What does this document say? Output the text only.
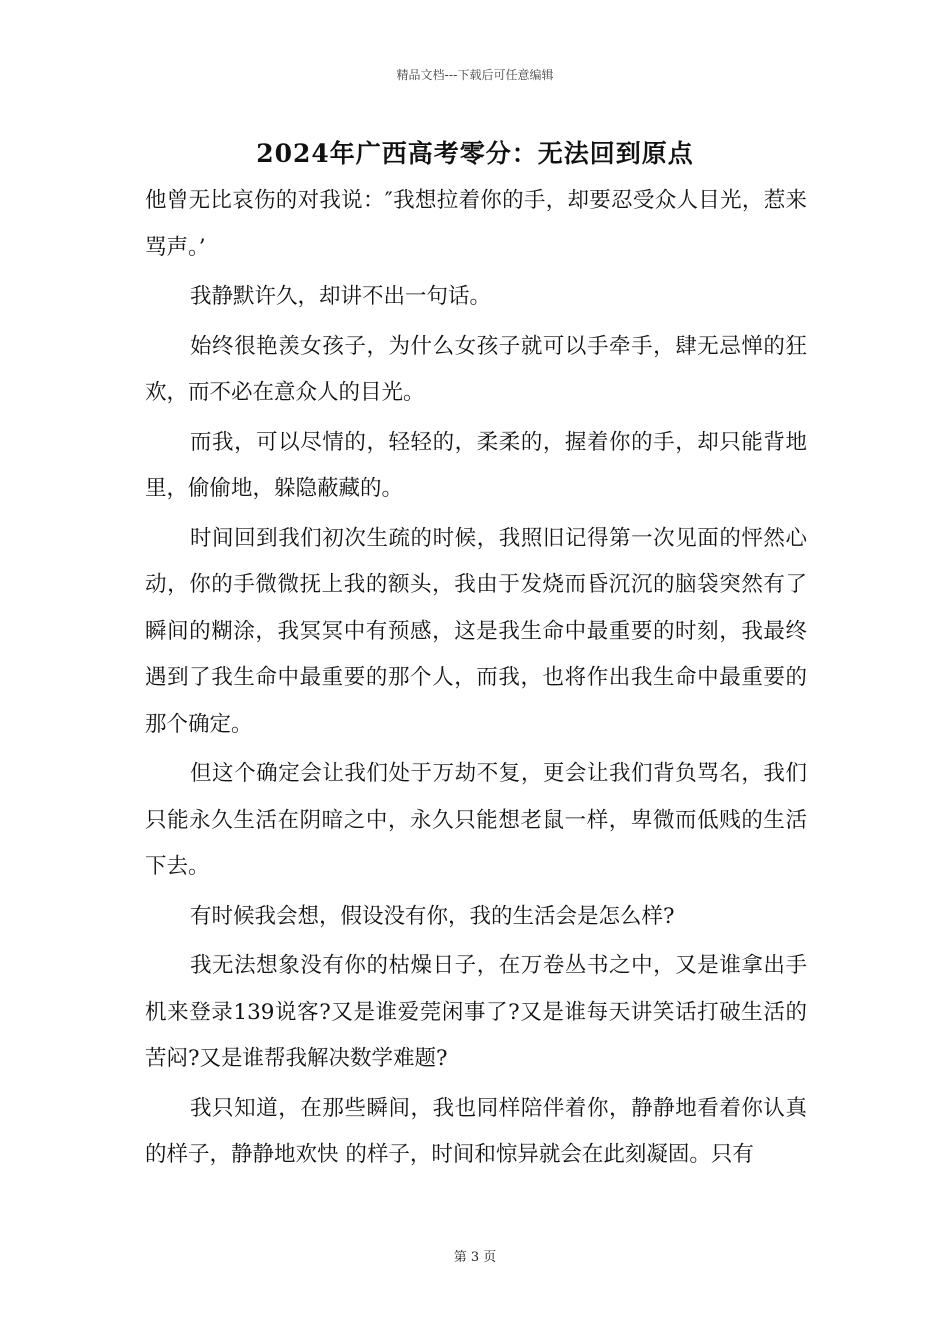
精品文档---下载后可任意编辑
2024年广西高考零分：无法回到原点

他曾无比哀伤的对我说：″我想拉着你的手，却要忍受众人目光，惹来骂声。’

我静默许久，却讲不出一句话。

始终很艳羡女孩子，为什么女孩子就可以手牵手，肆无忌惮的狂欢，而不必在意众人的目光。

而我，可以尽情的，轻轻的，柔柔的，握着你的手，却只能背地里，偷偷地，躲隐蔽藏的。

时间回到我们初次生疏的时候，我照旧记得第一次见面的怦然心动，你的手微微抚上我的额头，我由于发烧而昏沉沉的脑袋突然有了瞬间的糊涂，我冥冥中有预感，这是我生命中最重要的时刻，我最终遇到了我生命中最重要的那个人，而我，也将作出我生命中最重要的那个确定。

但这个确定会让我们处于万劫不复，更会让我们背负骂名，我们只能永久生活在阴暗之中，永久只能想老鼠一样，卑微而低贱的生活下去。

有时候我会想，假设没有你，我的生活会是怎么样?

我无法想象没有你的枯燥日子，在万卷丛书之中，又是谁拿出手机来登录139说客?又是谁爱莞闲事了?又是谁每天讲笑话打破生活的苦闷?又是谁帮我解决数学难题?

我只知道，在那些瞬间，我也同样陪伴着你，静静地看着你认真的样子，静静地欢快 的样子，时间和惊异就会在此刻凝固。只有

第 3 页
